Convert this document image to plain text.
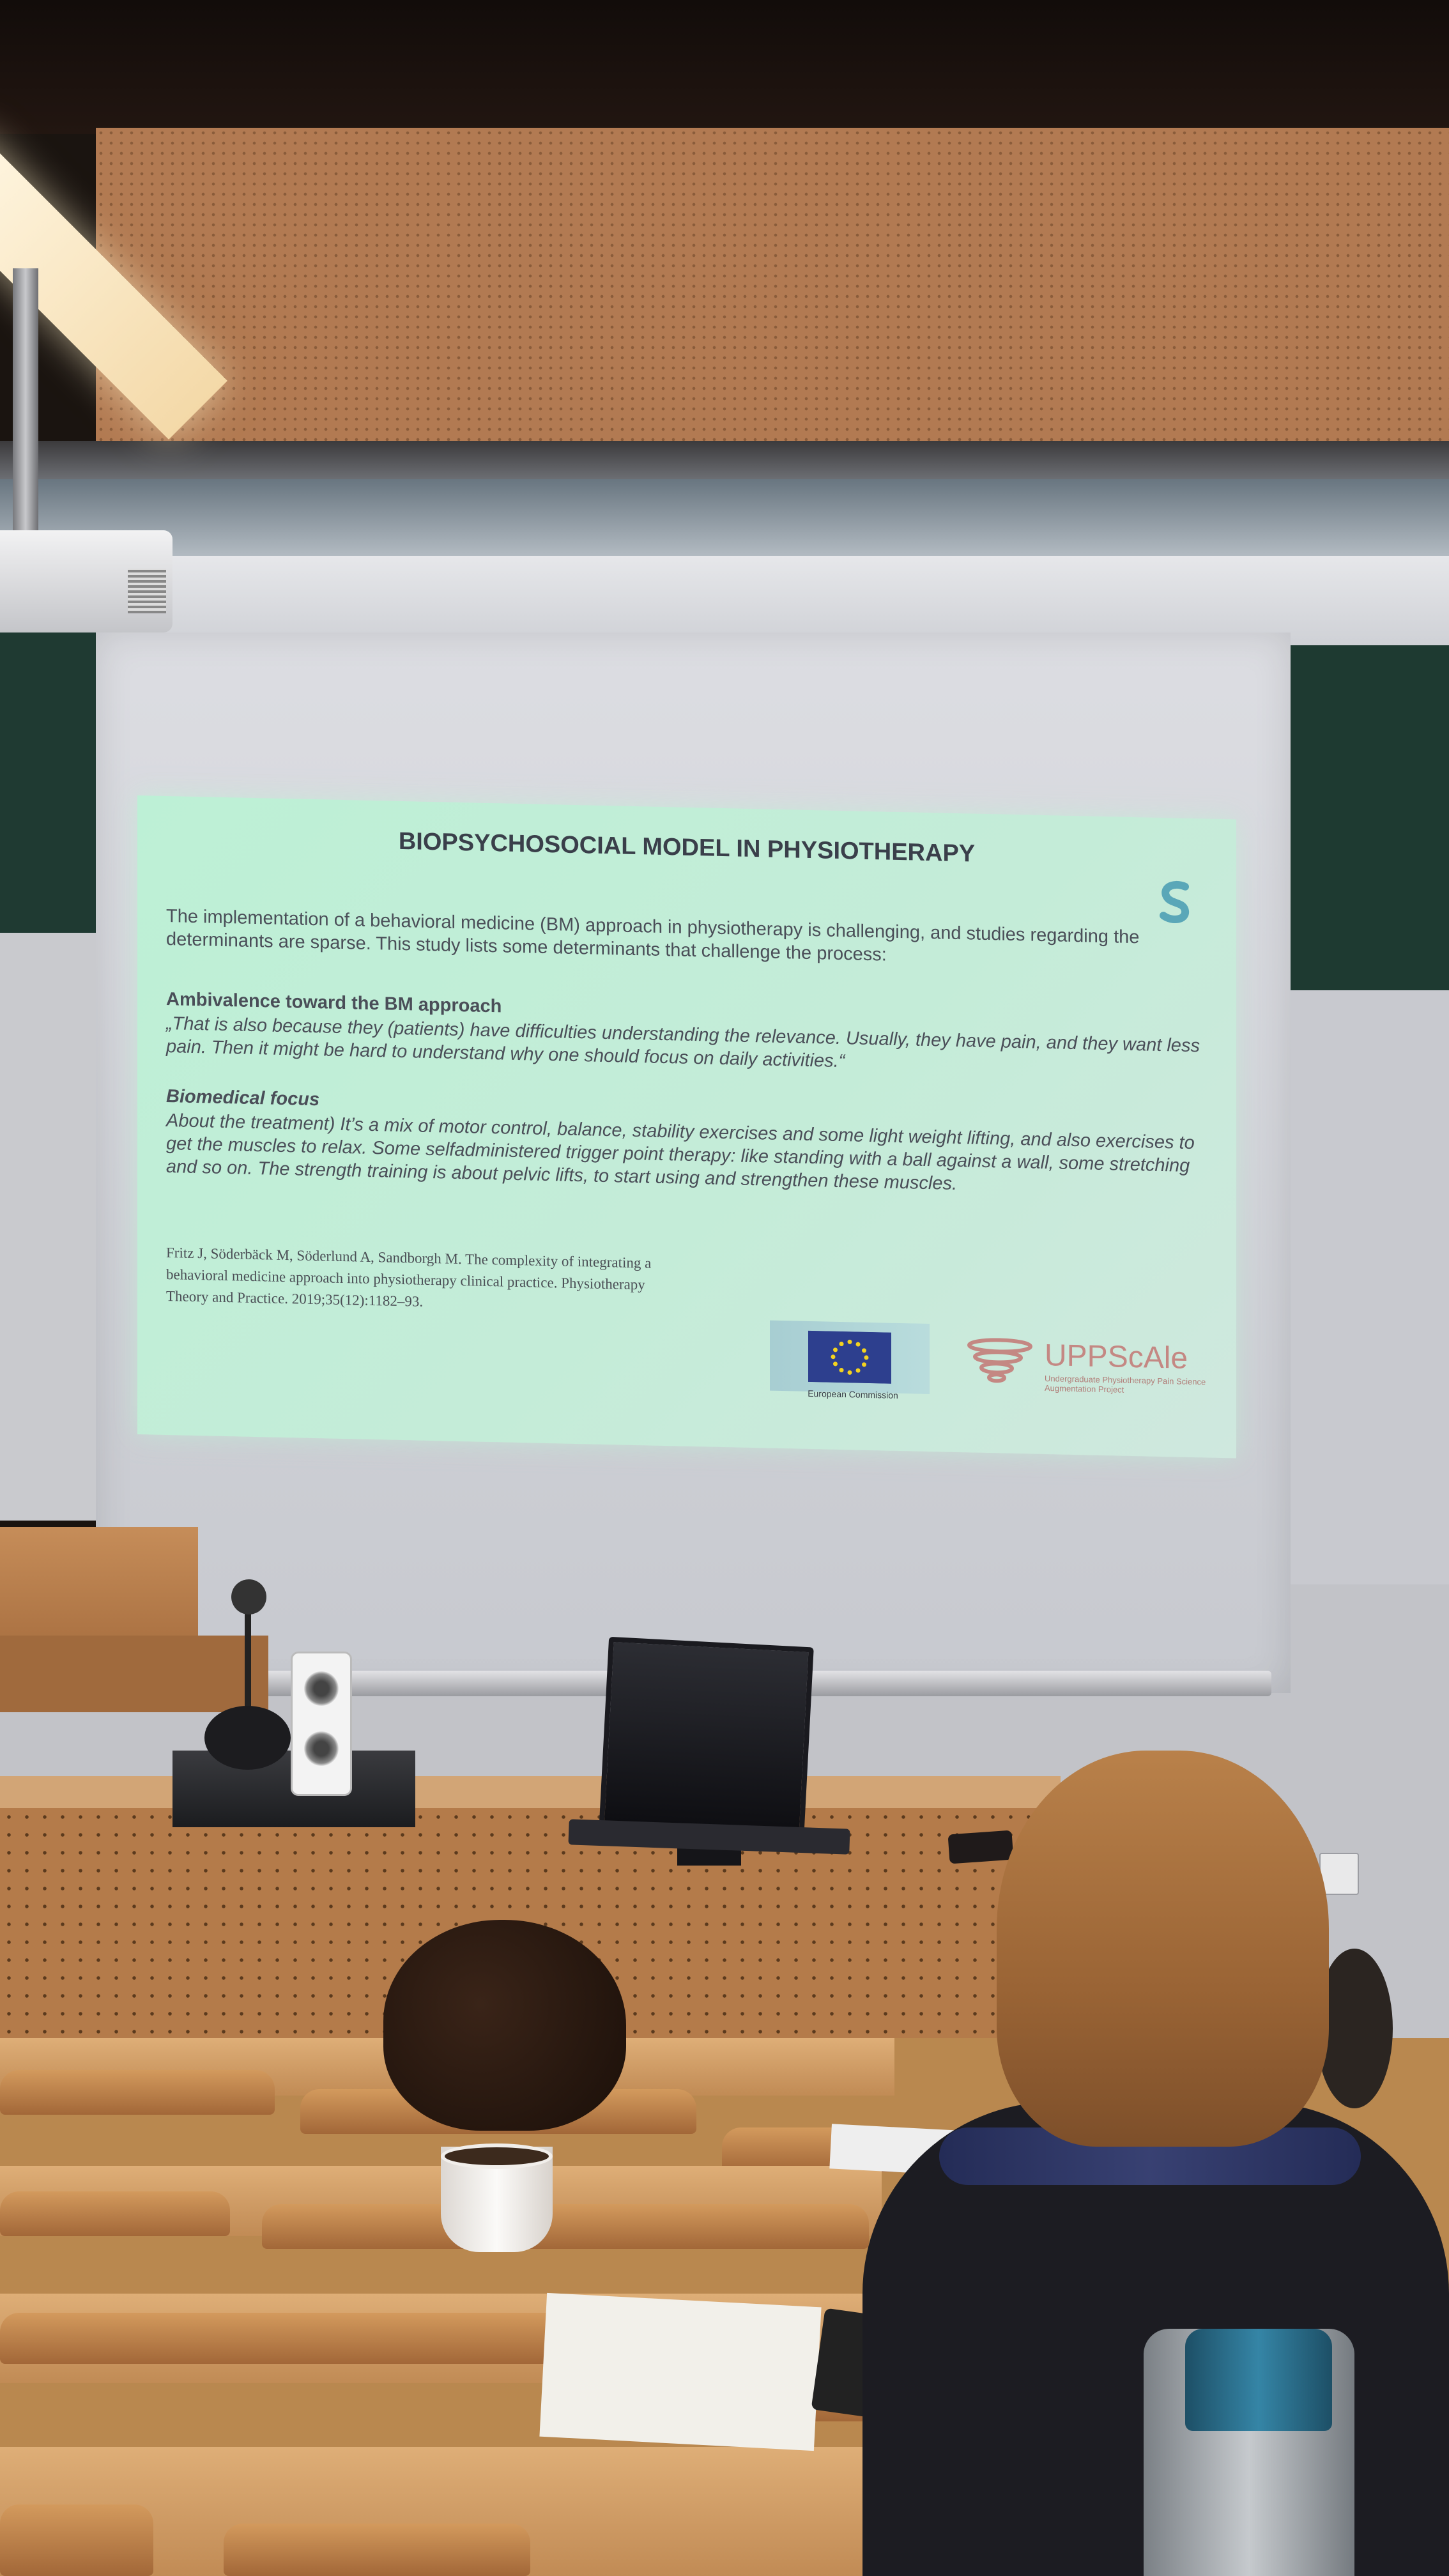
BIOPSYCHOSOCIAL MODEL IN PHYSIOTHERAPY
The implementation of a behavioral medicine (BM) approach in physiotherapy is challenging, and studies regarding the determinants are sparse. This study lists some determinants that challenge the process:
Ambivalence toward the BM approach
„That is also because they (patients) have difficulties understanding the relevance. Usually, they have pain, and they want less pain. Then it might be hard to understand why one should focus on daily activities.“
Biomedical focus
About the treatment) It’s a mix of motor control, balance, stability exercises and some light weight lifting, and also exercises to get the muscles to relax. Some selfadministered trigger point therapy: like standing with a ball against a wall, some stretching and so on. The strength training is about pelvic lifts, to start using and strengthen these muscles.
Fritz J, Söderbäck M, Söderlund A, Sandborgh M. The complexity of integrating a behavioral medicine approach into physiotherapy clinical practice. Physiotherapy Theory and Practice. 2019;35(12):1182–93.
European Commission
UPPScAle
Undergraduate Physiotherapy Pain Science Augmentation Project
